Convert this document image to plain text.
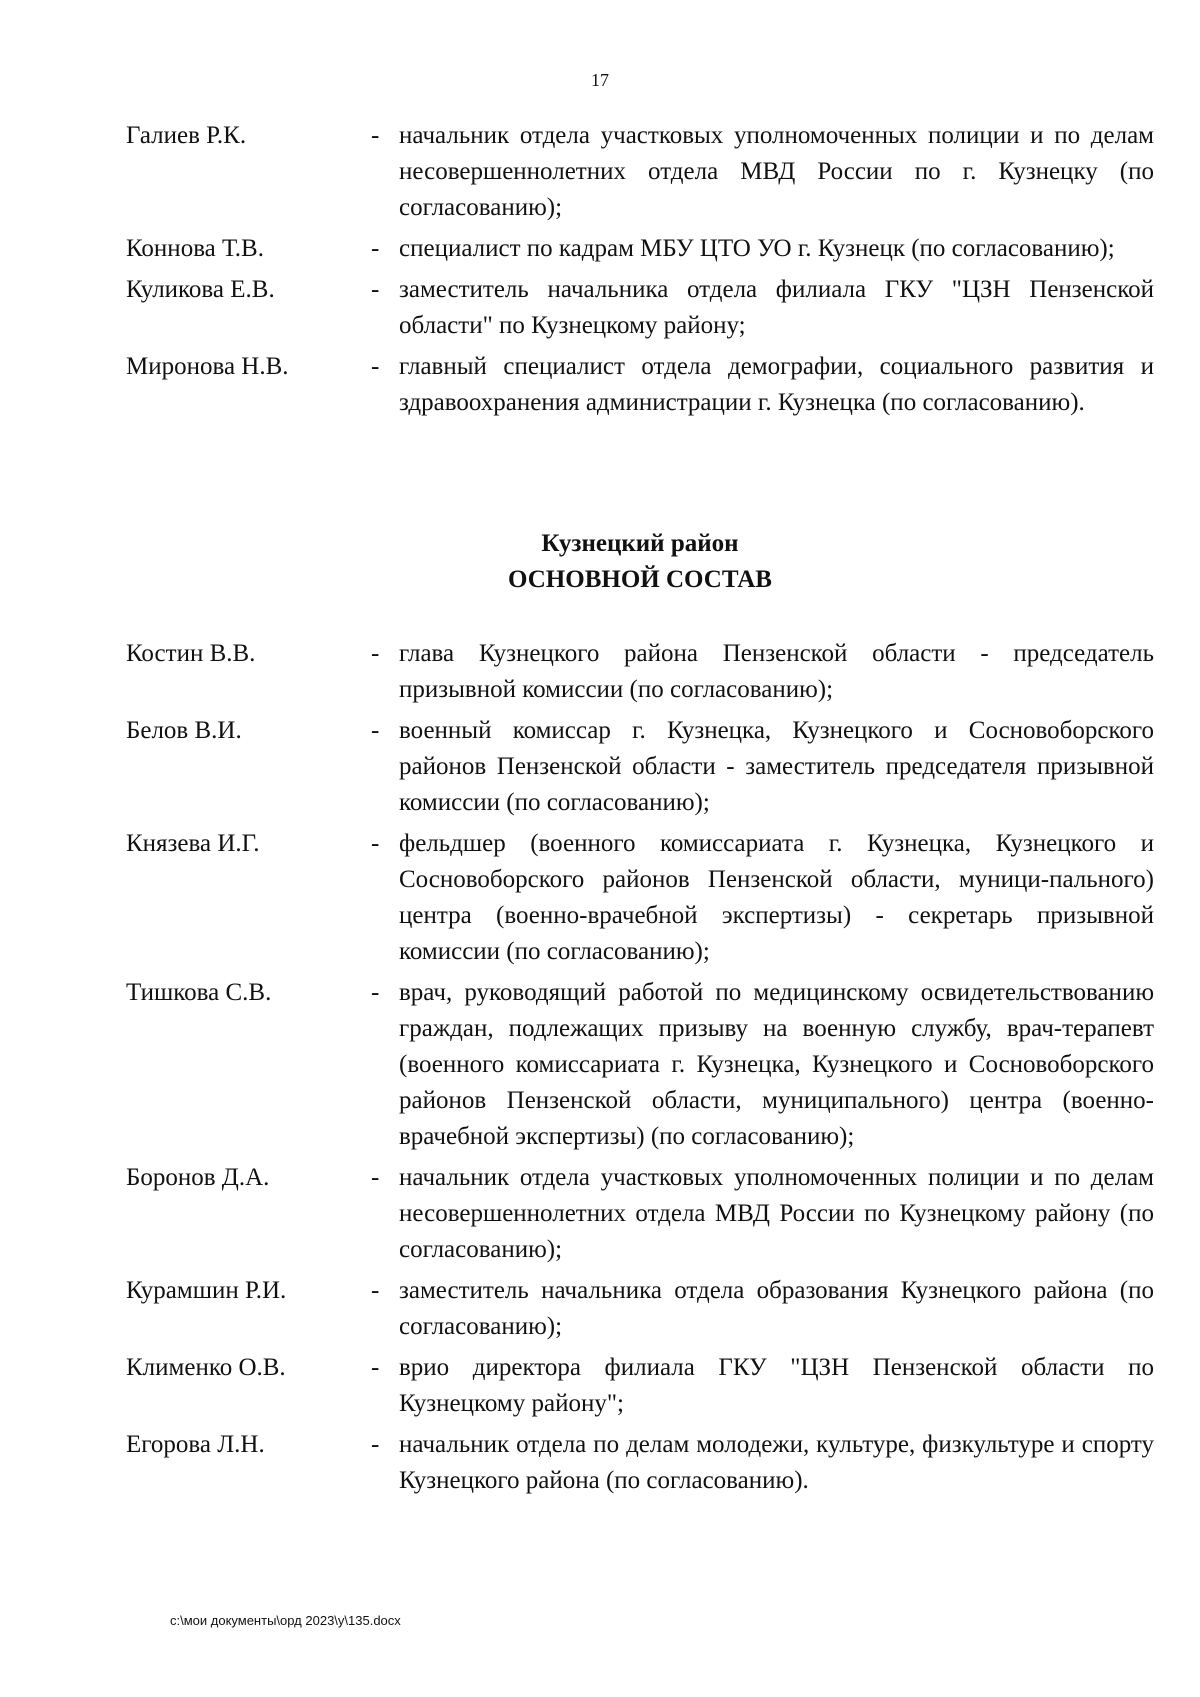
17
Галиев Р.К.	- начальник отдела участковых уполномоченных полиции и по делам несовершеннолетних отдела МВД России по г. Кузнецку (по согласованию);
Коннова Т.В.	- специалист по кадрам МБУ ЦТО УО г. Кузнецк (по согласованию);
Куликова Е.В.	- заместитель начальника отдела филиала ГКУ "ЦЗН Пензенской области" по Кузнецкому району;
Миронова Н.В.	- главный специалист отдела демографии, социального развития и здравоохранения администрации г. Кузнецка (по согласованию).
Кузнецкий район
ОСНОВНОЙ СОСТАВ
Костин В.В.	- глава Кузнецкого района Пензенской области - председатель призывной комиссии (по согласованию);
Белов В.И.	- военный комиссар г. Кузнецка, Кузнецкого и Сосновоборского районов Пензенской области - заместитель председателя призывной комиссии (по согласованию);
Князева И.Г.	- фельдшер (военного комиссариата г. Кузнецка, Кузнецкого и Сосновоборского районов Пензенской области, муници-пального) центра (военно-врачебной экспертизы) - секретарь призывной комиссии (по согласованию);
Тишкова С.В.	- врач, руководящий работой по медицинскому освидетельствованию граждан, подлежащих призыву на военную службу, врач-терапевт (военного комиссариата г. Кузнецка, Кузнецкого и Сосновоборского районов Пензенской области, муниципального) центра (военно-врачебной экспертизы) (по согласованию);
Боронов Д.А.	- начальник отдела участковых уполномоченных полиции и по делам несовершеннолетних отдела МВД России по Кузнецкому району (по согласованию);
Курамшин Р.И.	- заместитель начальника отдела образования Кузнецкого района (по согласованию);
Клименко О.В.	- врио директора филиала ГКУ "ЦЗН Пензенской области по Кузнецкому району";
Егорова Л.Н.	- начальник отдела по делам молодежи, культуре, физкультуре и спорту Кузнецкого района (по согласованию).
c:\мои документы\орд 2023\у\135.docx
